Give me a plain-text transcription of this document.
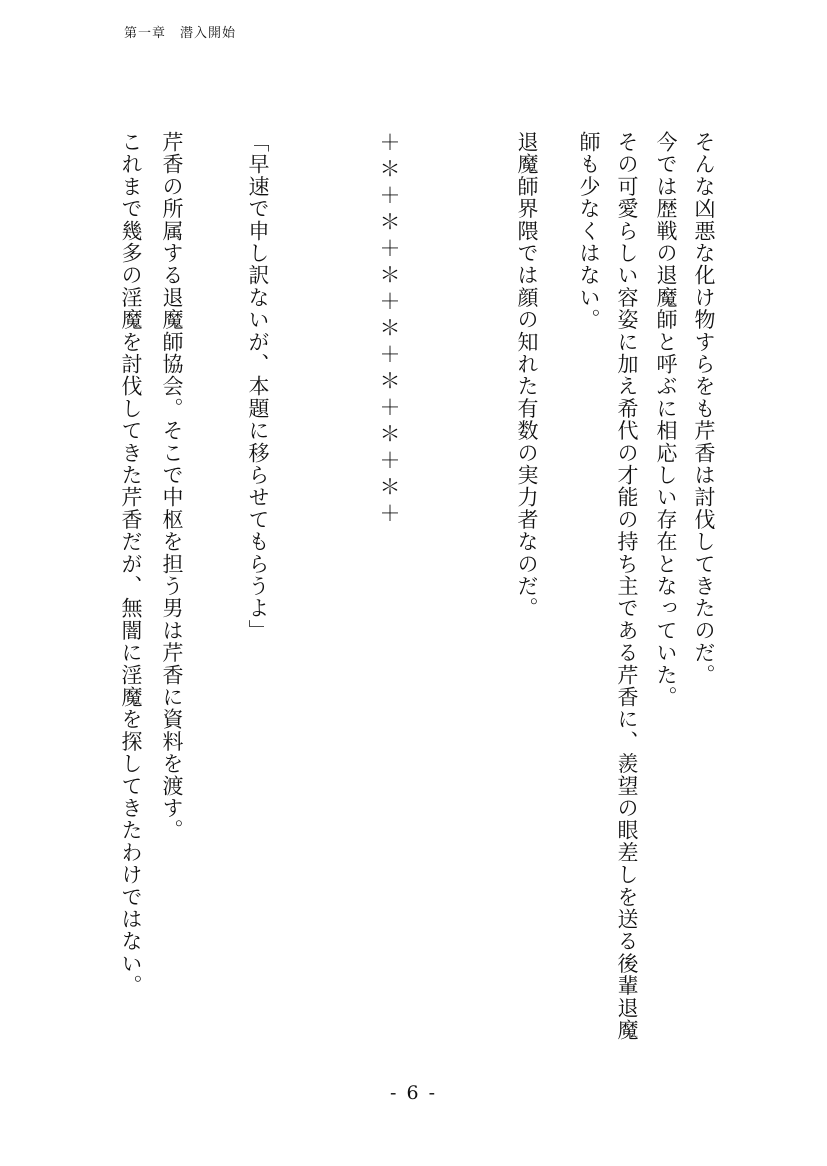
第一章　潜入開始
そんな凶悪な化け物すらをも芹香は討伐してきたのだ。
今では歴戦の退魔師と呼ぶに相応しい存在となっていた。
その可愛らしい容姿に加え希代の才能の持ち主である芹香に、羨望の眼差しを送る後輩退魔
師も少なくはない。
退魔師界隈では顔の知れた有数の実力者なのだ。
＋＊＋＊＋＊＋＊＋＊＋＊＋＊＋
「早速で申し訳ないが、本題に移らせてもらうよ」
芹香の所属する退魔師協会。そこで中枢を担う男は芹香に資料を渡す。
これまで幾多の淫魔を討伐してきた芹香だが、無闇に淫魔を探してきたわけではない。
- 6 -
